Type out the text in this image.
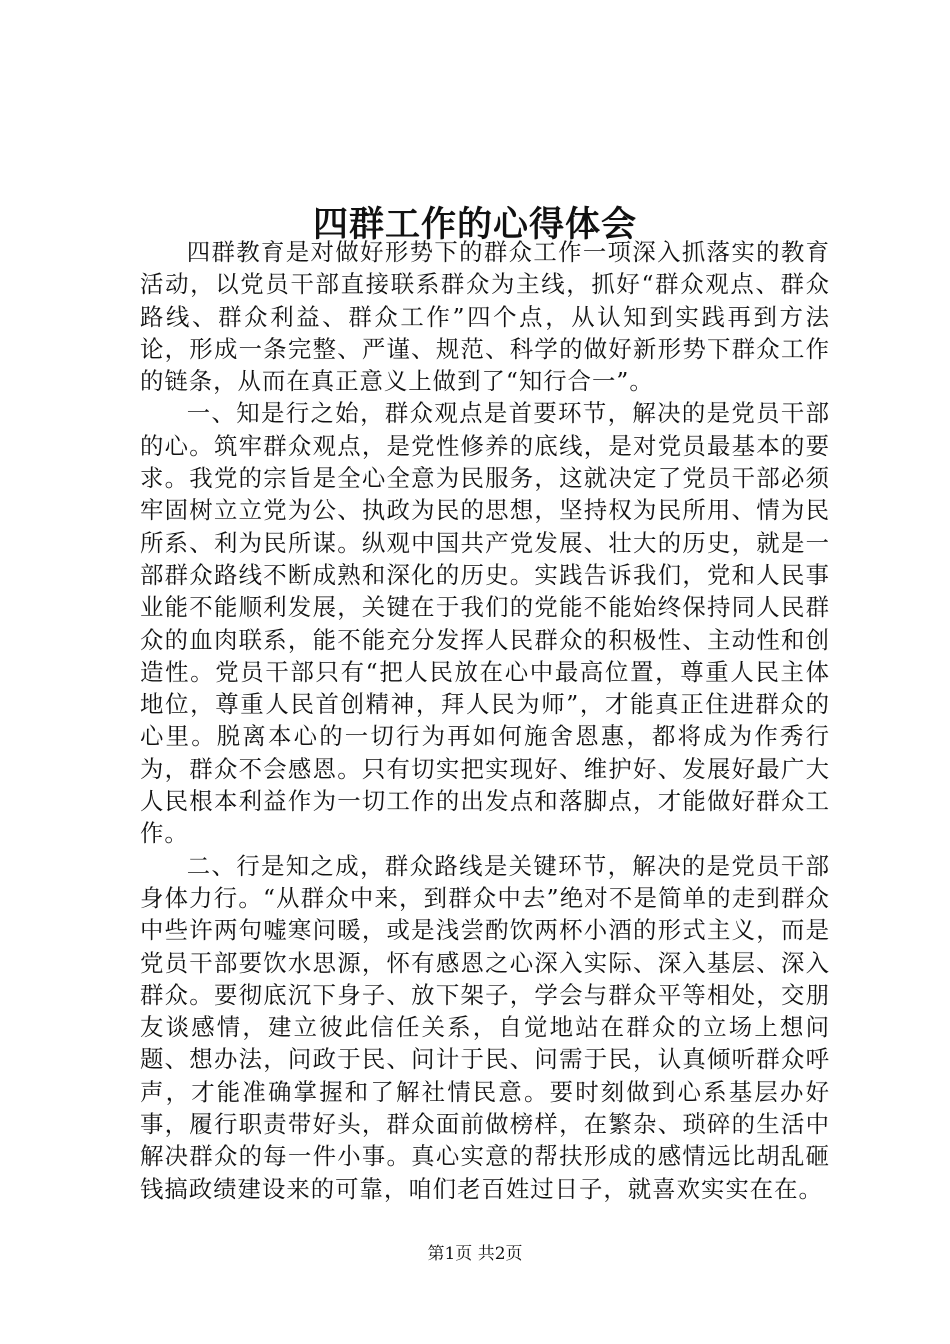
四群工作的心得体会

四群教育是对做好形势下的群众工作一项深入抓落实的教育活动，以党员干部直接联系群众为主线，抓好“群众观点、群众路线、群众利益、群众工作”四个点，从认知到实践再到方法论，形成一条完整、严谨、规范、科学的做好新形势下群众工作的链条，从而在真正意义上做到了“知行合一”。

一、知是行之始，群众观点是首要环节，解决的是党员干部的心。筑牢群众观点，是党性修养的底线，是对党员最基本的要求。我党的宗旨是全心全意为民服务，这就决定了党员干部必须牢固树立立党为公、执政为民的思想，坚持权为民所用、情为民所系、利为民所谋。纵观中国共产党发展、壮大的历史，就是一部群众路线不断成熟和深化的历史。实践告诉我们，党和人民事业能不能顺利发展，关键在于我们的党能不能始终保持同人民群众的血肉联系，能不能充分发挥人民群众的积极性、主动性和创造性。党员干部只有“把人民放在心中最高位置，尊重人民主体地位，尊重人民首创精神，拜人民为师”，才能真正住进群众的心里。脱离本心的一切行为再如何施舍恩惠，都将成为作秀行为，群众不会感恩。只有切实把实现好、维护好、发展好最广大人民根本利益作为一切工作的出发点和落脚点，才能做好群众工作。

二、行是知之成，群众路线是关键环节，解决的是党员干部身体力行。“从群众中来，到群众中去”绝对不是简单的走到群众中些许两句嘘寒问暖，或是浅尝酌饮两杯小酒的形式主义，而是党员干部要饮水思源，怀有感恩之心深入实际、深入基层、深入群众。要彻底沉下身子、放下架子，学会与群众平等相处，交朋友谈感情，建立彼此信任关系，自觉地站在群众的立场上想问题、想办法，问政于民、问计于民、问需于民，认真倾听群众呼声，才能准确掌握和了解社情民意。要时刻做到心系基层办好事，履行职责带好头，群众面前做榜样，在繁杂、琐碎的生活中解决群众的每一件小事。真心实意的帮扶形成的感情远比胡乱砸钱搞政绩建设来的可靠，咱们老百姓过日子，就喜欢实实在在。

第1页 共2页
